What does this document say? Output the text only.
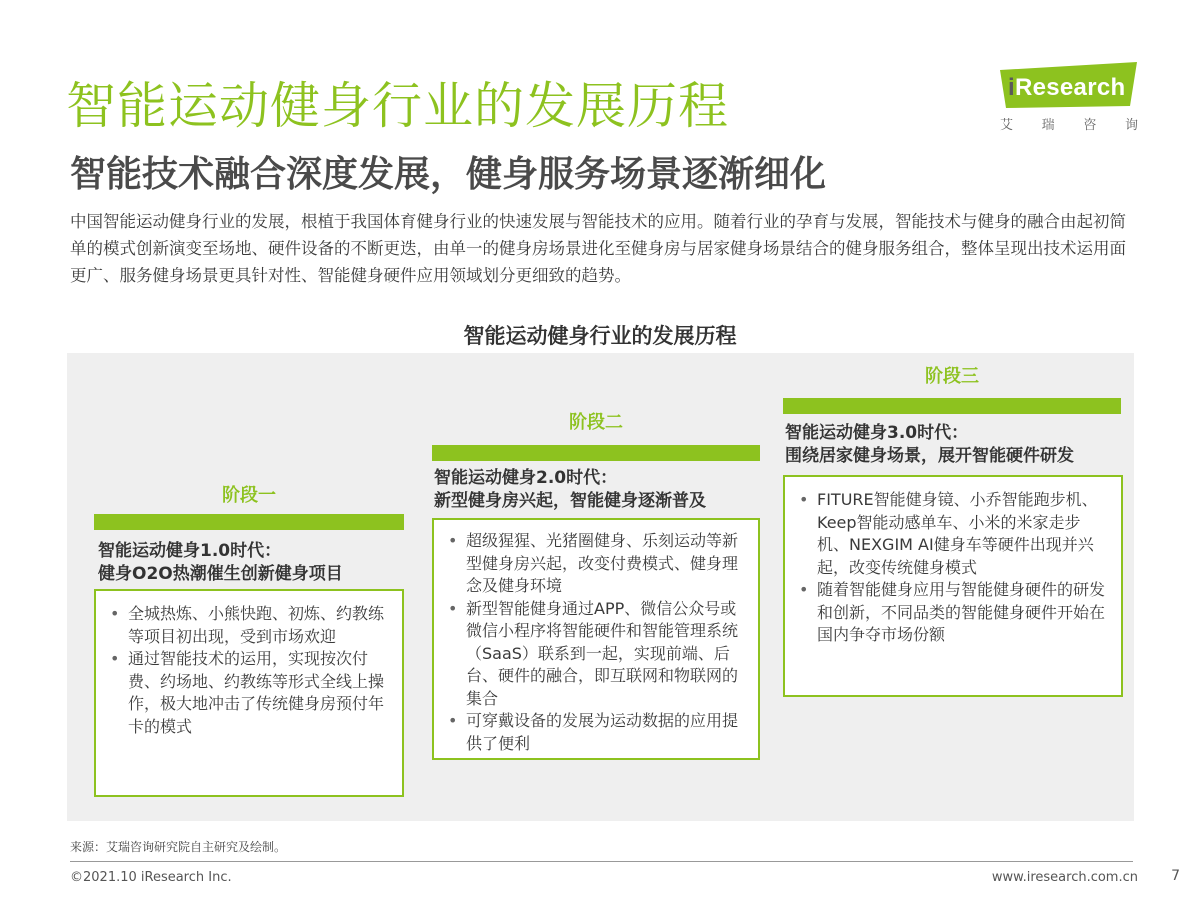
智能运动健身行业的发展历程
智能技术融合深度发展，健身服务场景逐渐细化
iResearch
艾 瑞 咨 询

中国智能运动健身行业的发展，根植于我国体育健身行业的快速发展与智能技术的应用。随着行业的孕育与发展，智能技术与健身的融合由起初简单的模式创新演变至场地、硬件设备的不断更迭，由单一的健身房场景进化至健身房与居家健身场景结合的健身服务组合，整体呈现出技术运用面更广、服务健身场景更具针对性、智能健身硬件应用领域划分更细致的趋势。

智能运动健身行业的发展历程
阶段一
智能运动健身1.0时代：
健身O2O热潮催生创新健身项目
• 全城热炼、小熊快跑、初炼、约教练等项目初出现，受到市场欢迎
• 通过智能技术的运用，实现按次付费、约场地、约教练等形式全线上操作，极大地冲击了传统健身房预付年卡的模式
阶段二
智能运动健身2.0时代：
新型健身房兴起，智能健身逐渐普及
• 超级猩猩、光猪圈健身、乐刻运动等新型健身房兴起，改变付费模式、健身理念及健身环境
• 新型智能健身通过APP、微信公众号或微信小程序将智能硬件和智能管理系统（SaaS）联系到一起，实现前端、后台、硬件的融合，即互联网和物联网的集合
• 可穿戴设备的发展为运动数据的应用提供了便利
阶段三
智能运动健身3.0时代：
围绕居家健身场景，展开智能硬件研发
• FITURE智能健身镜、小乔智能跑步机、Keep智能动感单车、小米的米家走步机、NEXGIM AI健身车等硬件出现并兴起，改变传统健身模式
• 随着智能健身应用与智能健身硬件的研发和创新，不同品类的智能健身硬件开始在国内争夺市场份额
来源：艾瑞咨询研究院自主研究及绘制。
©2021.10 iResearch Inc.	www.iresearch.com.cn 7
